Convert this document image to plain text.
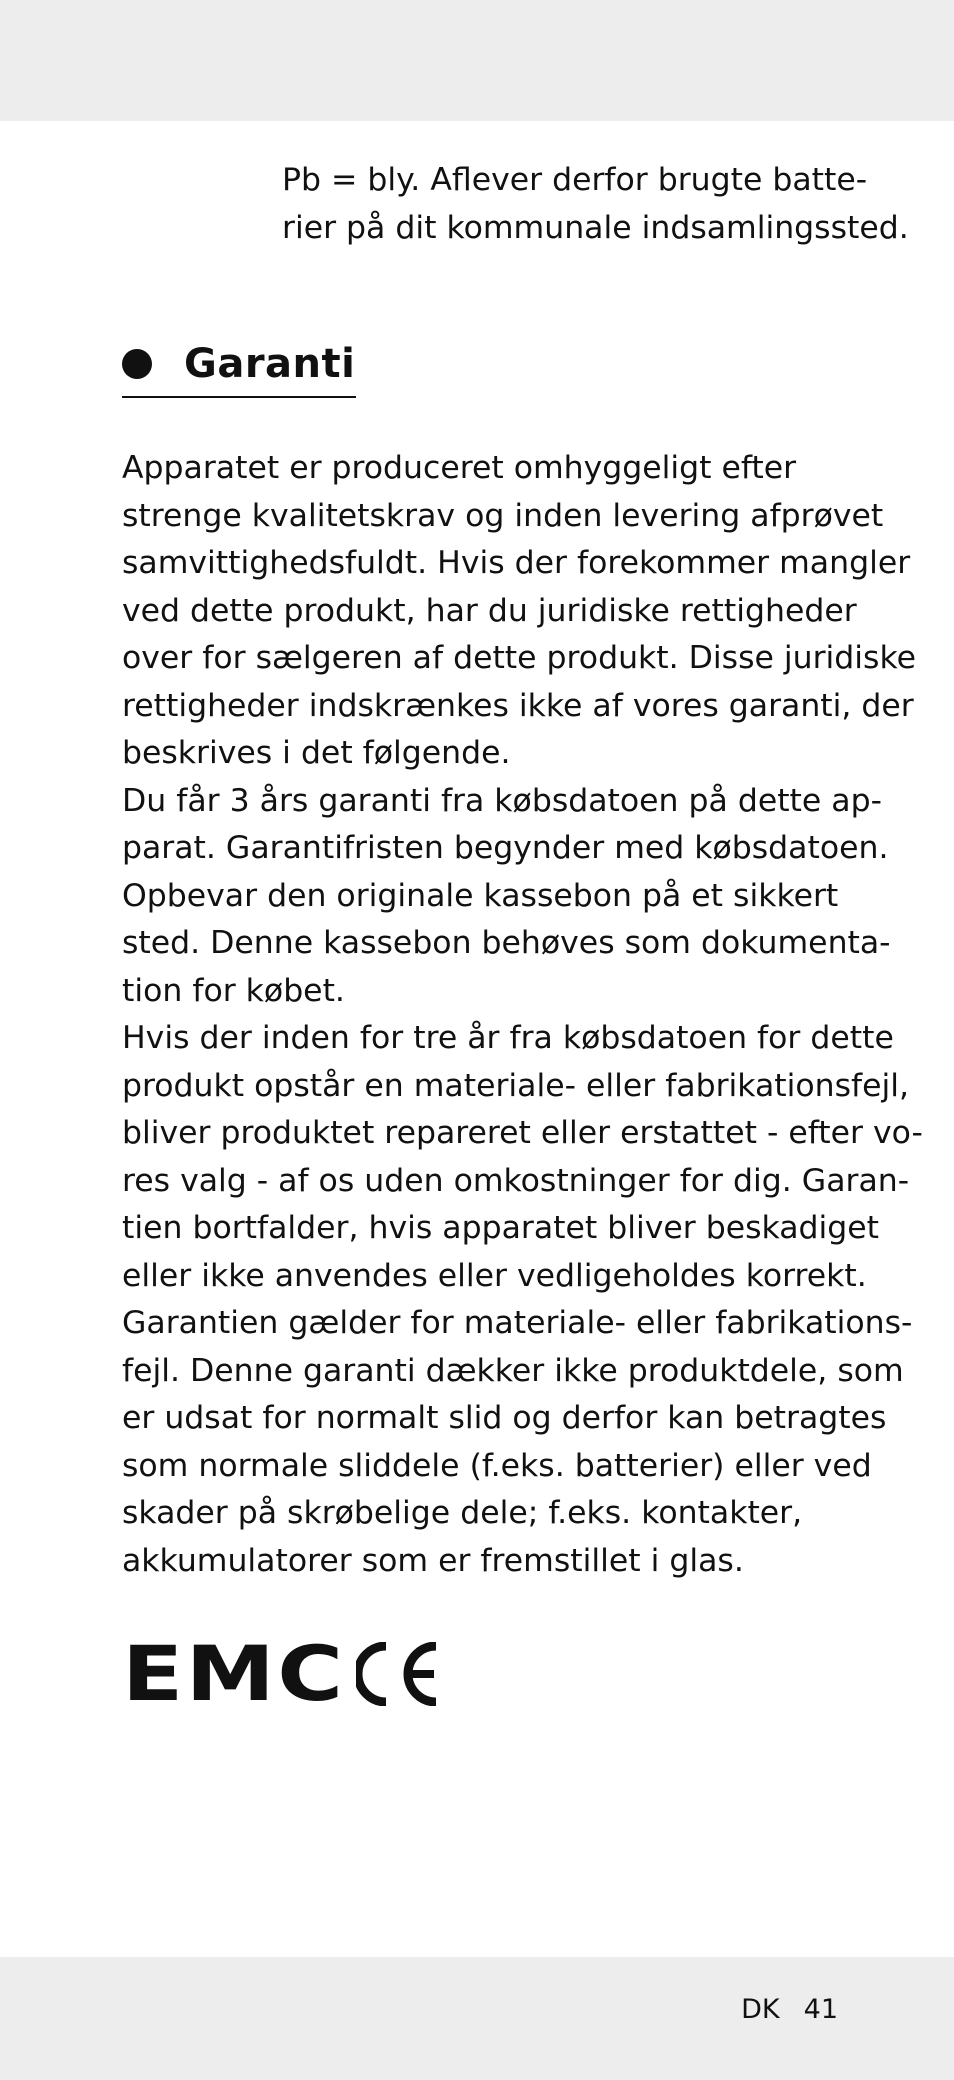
Pb = bly. Aflever derfor brugte batte-
rier på dit kommunale indsamlingssted.

Garanti

Apparatet er produceret omhyggeligt efter
strenge kvalitetskrav og inden levering afprøvet
samvittighedsfuldt. Hvis der forekommer mangler
ved dette produkt, har du juridiske rettigheder
over for sælgeren af dette produkt. Disse juridiske
rettigheder indskrænkes ikke af vores garanti, der
beskrives i det følgende.
Du får 3 års garanti fra købsdatoen på dette ap-
parat. Garantifristen begynder med købsdatoen.
Opbevar den originale kassebon på et sikkert
sted. Denne kassebon behøves som dokumenta-
tion for købet.
Hvis der inden for tre år fra købsdatoen for dette
produkt opstår en materiale- eller fabrikationsfejl,
bliver produktet repareret eller erstattet - efter vo-
res valg - af os uden omkostninger for dig. Garan-
tien bortfalder, hvis apparatet bliver beskadiget
eller ikke anvendes eller vedligeholdes korrekt.
Garantien gælder for materiale- eller fabrikations-
fejl. Denne garanti dækker ikke produktdele, som
er udsat for normalt slid og derfor kan betragtes
som normale sliddele (f.eks. batterier) eller ved
skader på skrøbelige dele; f.eks. kontakter,
akkumulatorer som er fremstillet i glas.

EMC
DK 41
